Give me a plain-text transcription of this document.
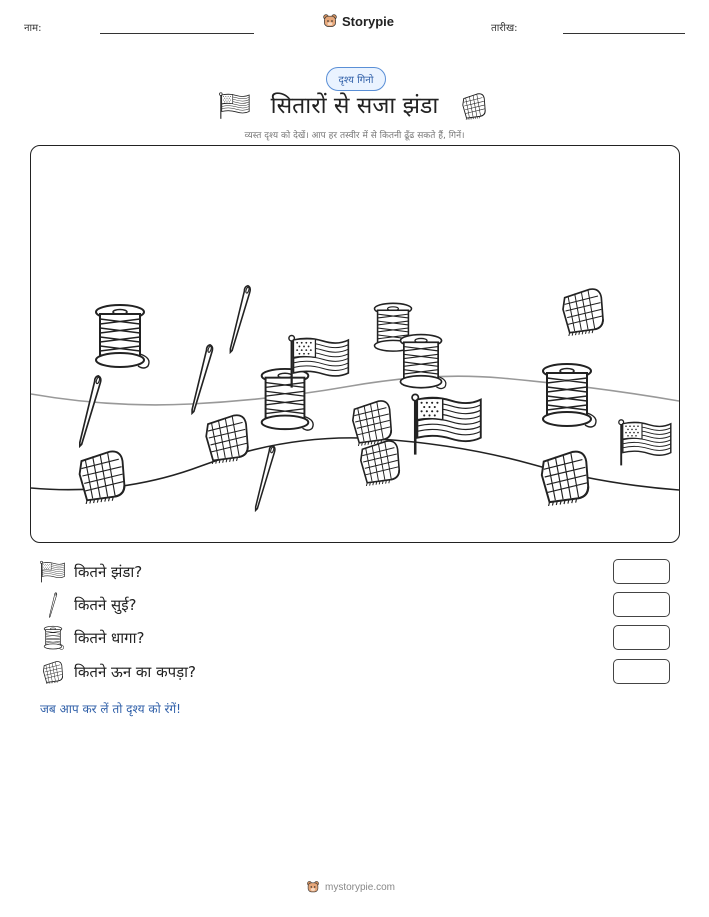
नाम:	Storypie	तारीख:
दृश्य गिनो
सितारों से सजा झंडा
व्यस्त दृश्य को देखें। आप हर तस्वीर में से कितनी ढूँढ सकते हैं, गिनें।
कितने झंडा?
कितने सुई?
कितने धागा?
कितने ऊन का कपड़ा?
जब आप कर लें तो दृश्य को रंगें!
mystorypie.com
